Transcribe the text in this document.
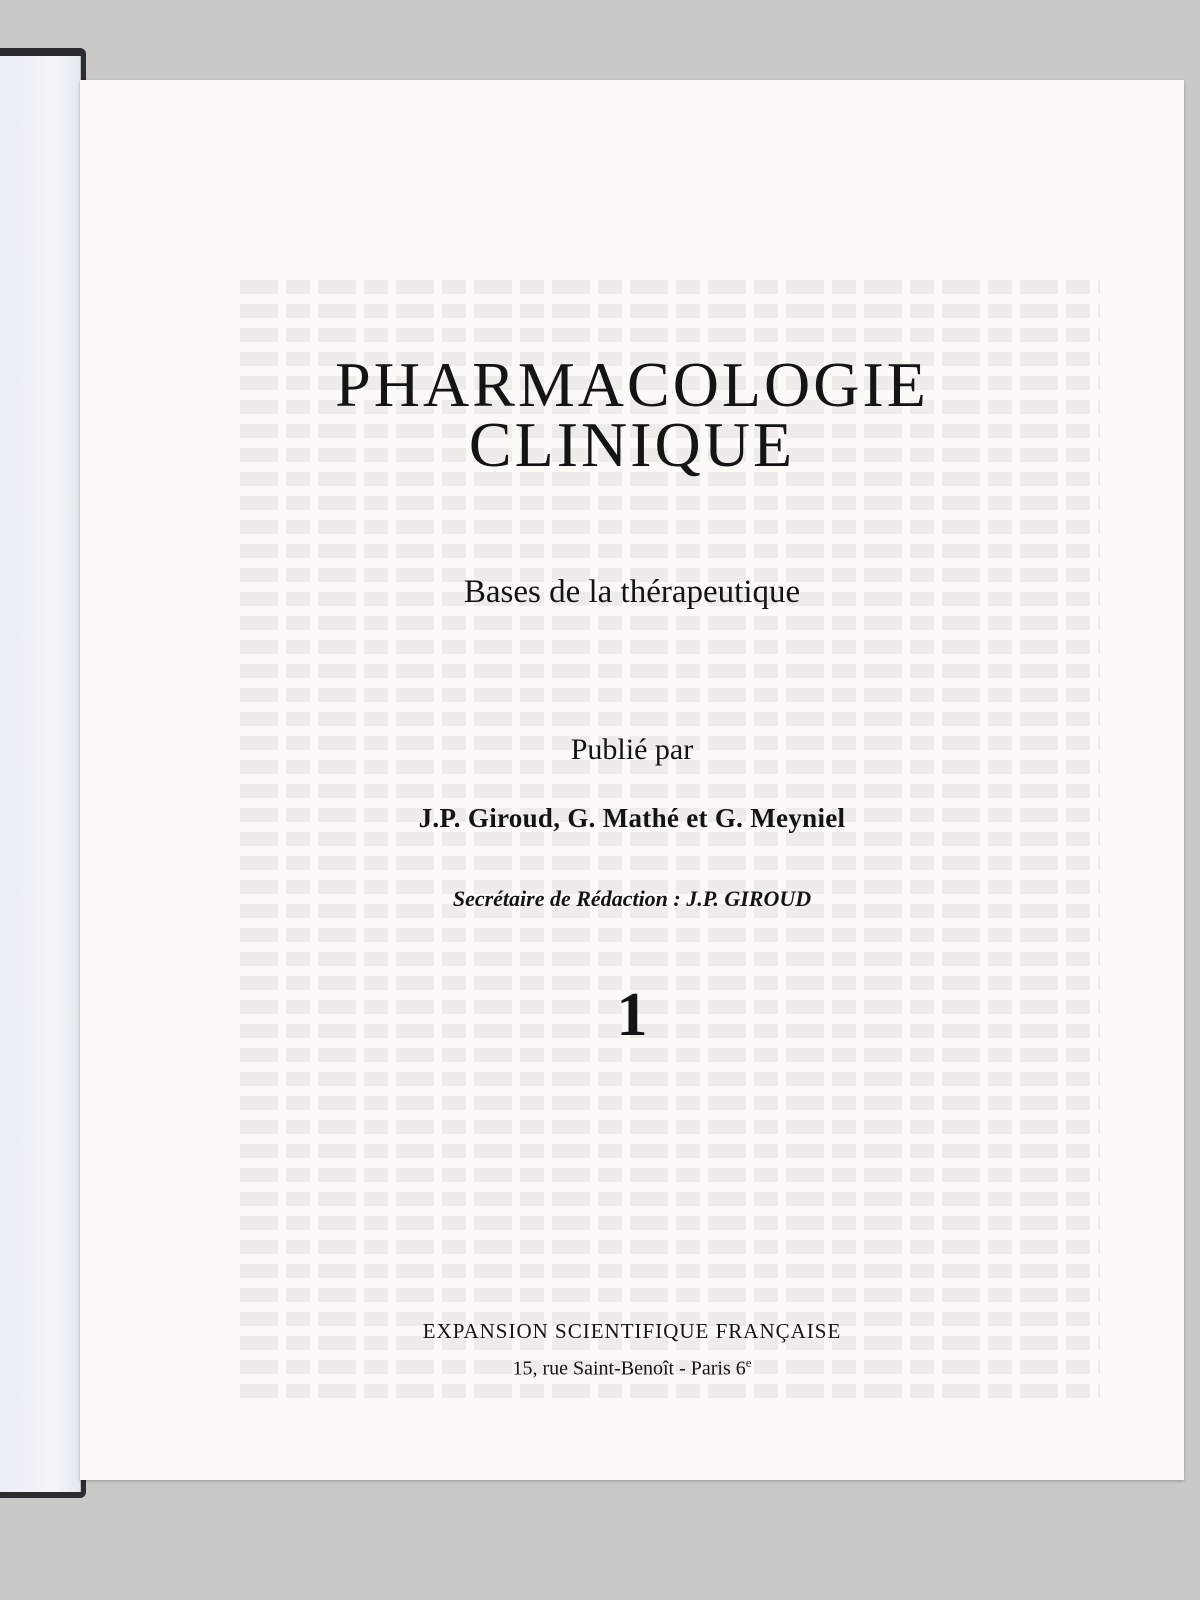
PHARMACOLOGIE
CLINIQUE
Bases de la thérapeutique
Publié par
J.P. Giroud, G. Mathé et G. Meyniel
Secrétaire de Rédaction : J.P. GIROUD
1
EXPANSION SCIENTIFIQUE FRANÇAISE
15, rue Saint-Benoît - Paris 6e
